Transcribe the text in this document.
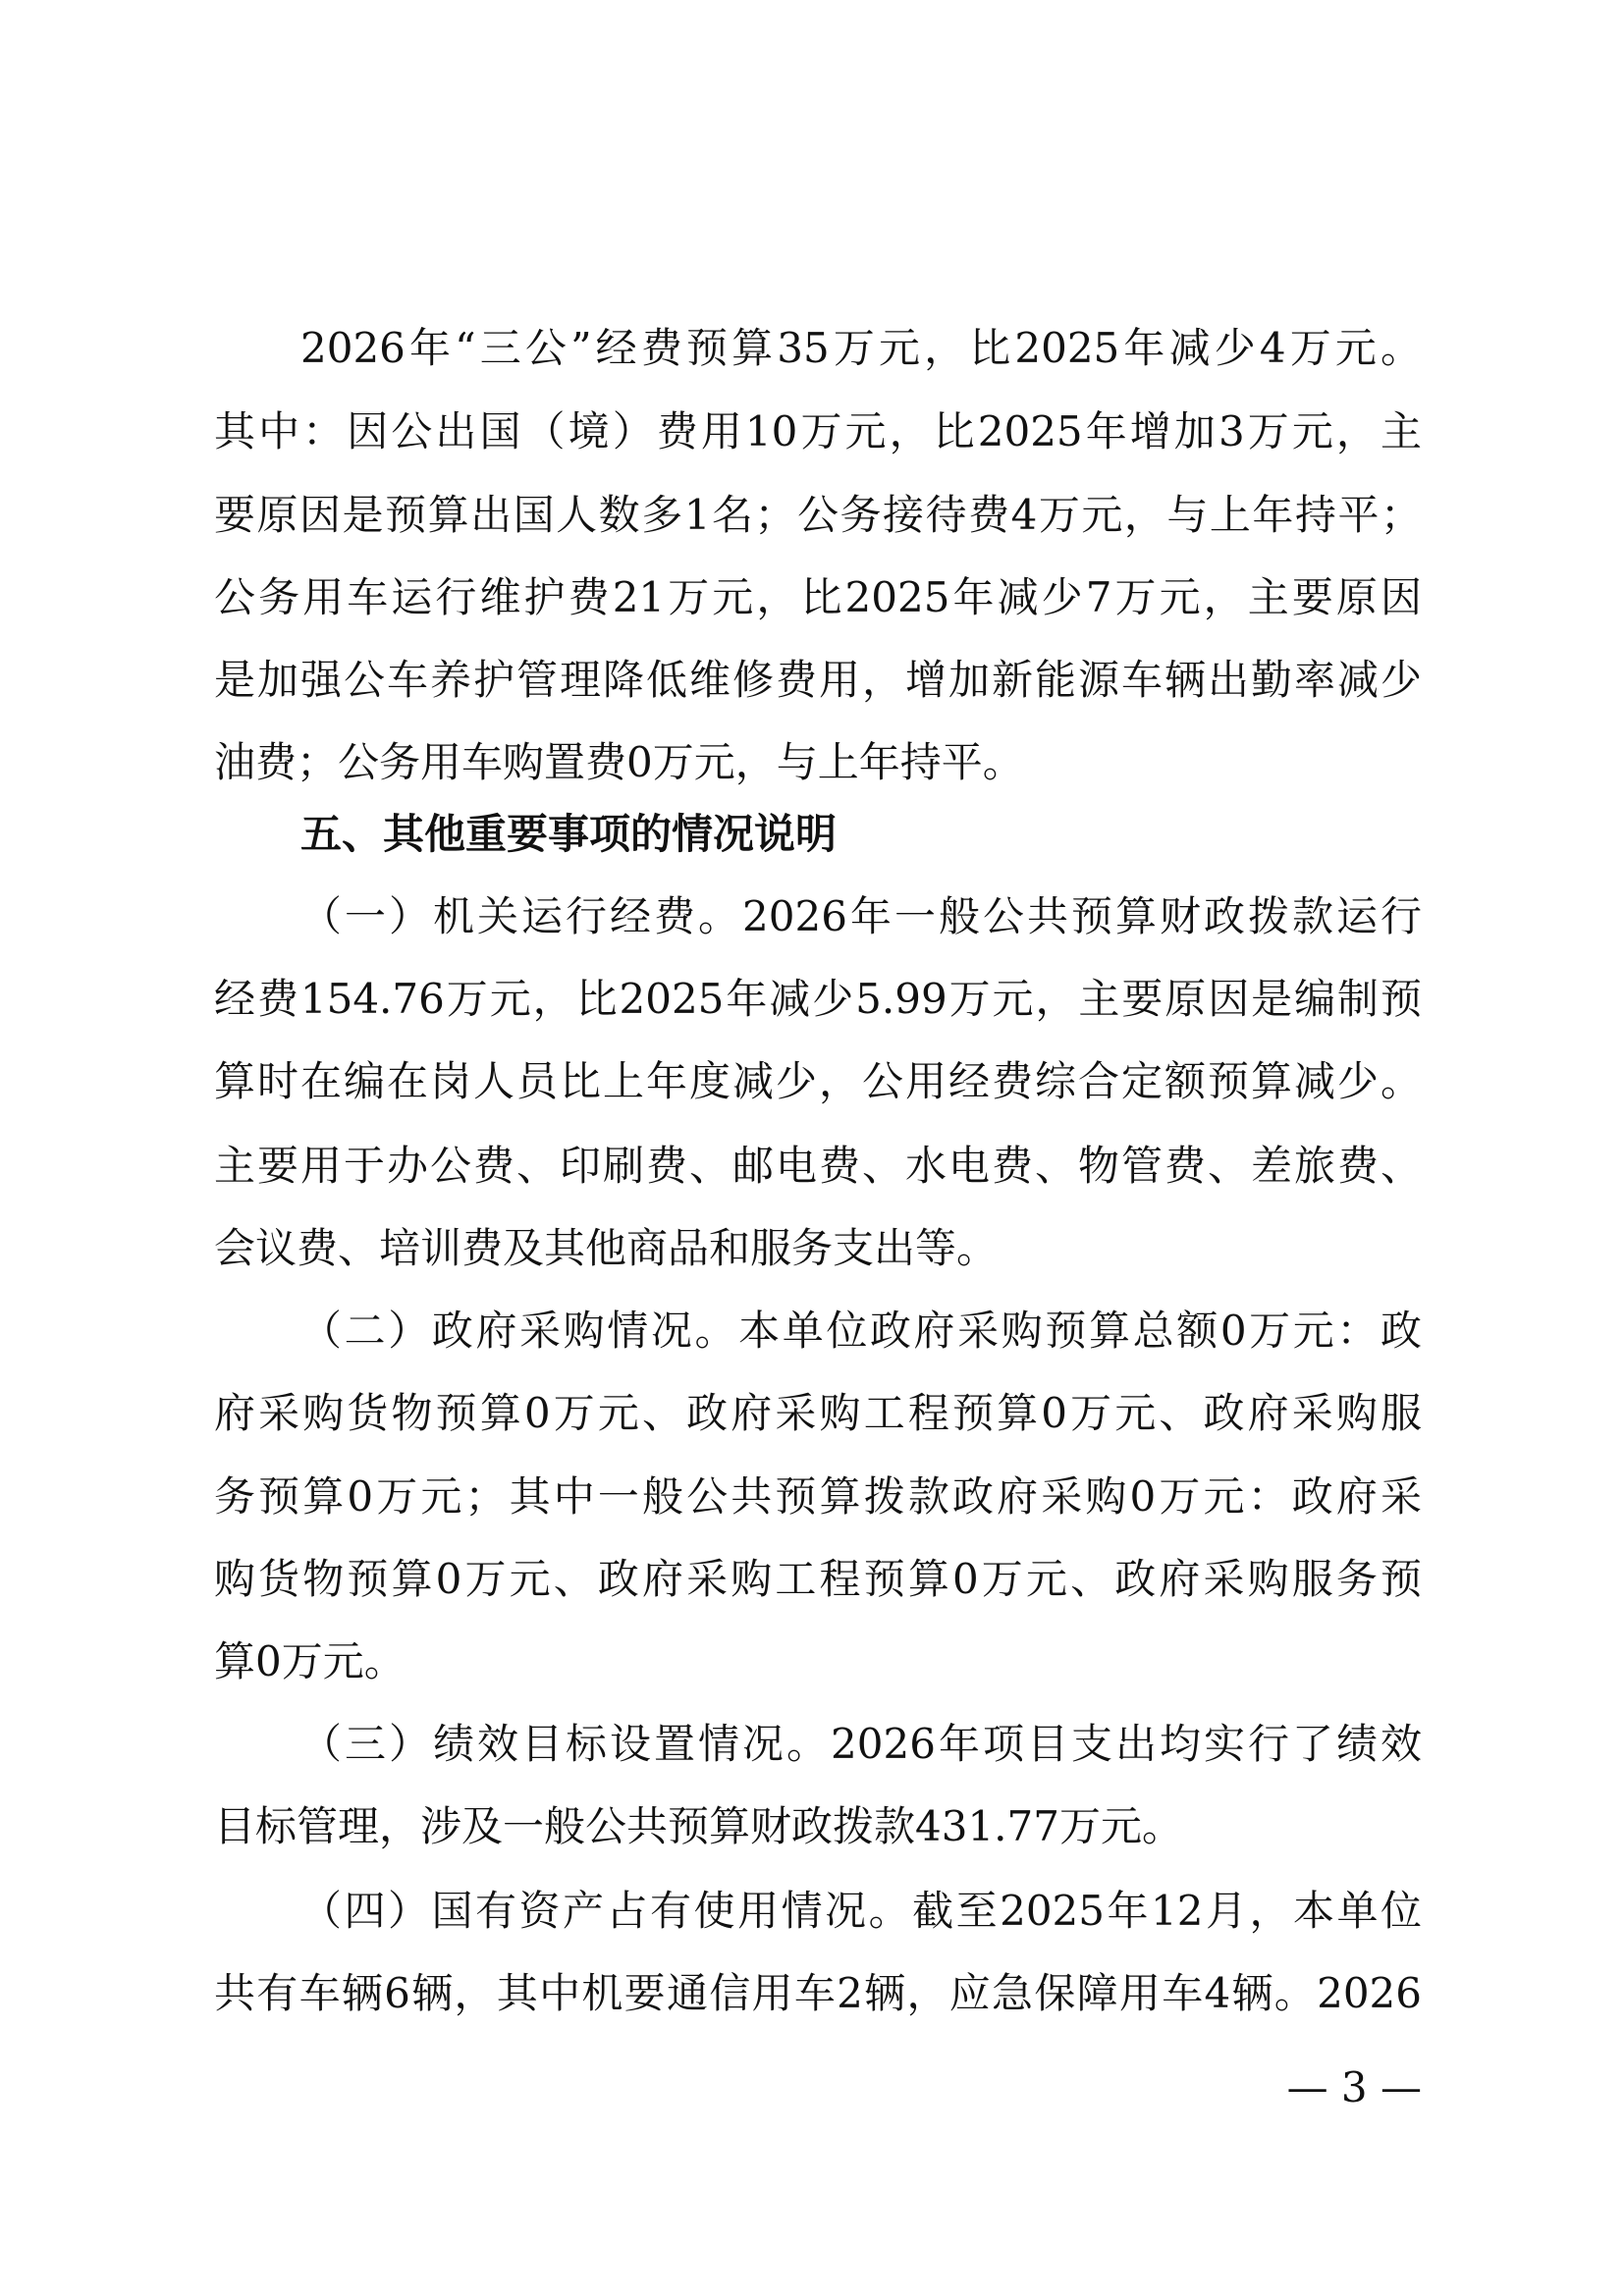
2026年“三公”经费预算35万元，比2025年减少4万元。
其中：因公出国（境）费用10万元，比2025年增加3万元，主
要原因是预算出国人数多1名；公务接待费4万元，与上年持平；
公务用车运行维护费21万元，比2025年减少7万元，主要原因
是加强公车养护管理降低维修费用，增加新能源车辆出勤率减少
油费；公务用车购置费0万元，与上年持平。
五、其他重要事项的情况说明
（一）机关运行经费。2026年一般公共预算财政拨款运行
经费154.76万元，比2025年减少5.99万元，主要原因是编制预
算时在编在岗人员比上年度减少，公用经费综合定额预算减少。
主要用于办公费、印刷费、邮电费、水电费、物管费、差旅费、
会议费、培训费及其他商品和服务支出等。
（二）政府采购情况。本单位政府采购预算总额0万元：政
府采购货物预算0万元、政府采购工程预算0万元、政府采购服
务预算0万元；其中一般公共预算拨款政府采购0万元：政府采
购货物预算0万元、政府采购工程预算0万元、政府采购服务预
算0万元。
（三）绩效目标设置情况。2026年项目支出均实行了绩效
目标管理，涉及一般公共预算财政拨款431.77万元。
（四）国有资产占有使用情况。截至2025年12月，本单位
共有车辆6辆，其中机要通信用车2辆，应急保障用车4辆。2026
— 3 —
